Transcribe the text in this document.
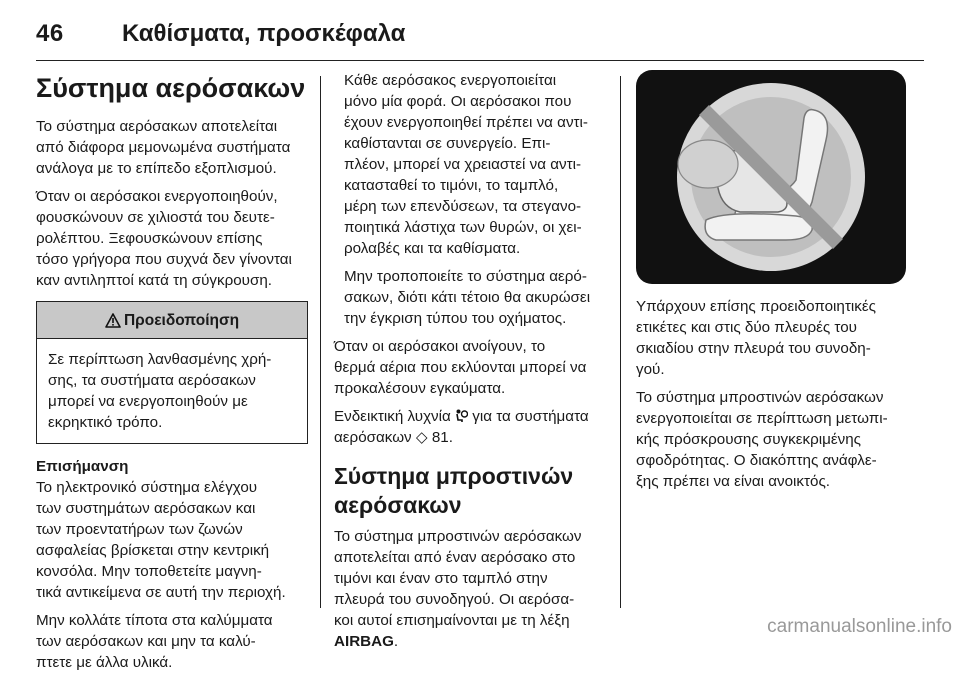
46 Καθίσματα, προσκέφαλα
Σύστημα αερόσακων

Το σύστημα αερόσακων αποτελείται
από διάφορα μεμονωμένα συστήματα
ανάλογα με το επίπεδο εξοπλισμού.

Όταν οι αερόσακοι ενεργοποιηθούν,
φουσκώνουν σε χιλιοστά του δευτε-
ρολέπτου. Ξεφουσκώνουν επίσης
τόσο γρήγορα που συχνά δεν γίνονται
καν αντιληπτοί κατά τη σύγκρουση.

Προειδοποίηση
Σε περίπτωση λανθασμένης χρή-
σης, τα συστήματα αερόσακων
μπορεί να ενεργοποιηθούν με
εκρηκτικό τρόπο.

Επισήμανση
Το ηλεκτρονικό σύστημα ελέγχου
των συστημάτων αερόσακων και
των προεντατήρων των ζωνών
ασφαλείας βρίσκεται στην κεντρική
κονσόλα. Μην τοποθετείτε μαγνη-
τικά αντικείμενα σε αυτή την περιοχή.

Μην κολλάτε τίποτα στα καλύμματα
των αερόσακων και μην τα καλύ-
πτετε με άλλα υλικά.

Κάθε αερόσακος ενεργοποιείται
μόνο μία φορά. Οι αερόσακοι που
έχουν ενεργοποιηθεί πρέπει να αντι-
καθίστανται σε συνεργείο. Επι-
πλέον, μπορεί να χρειαστεί να αντι-
κατασταθεί το τιμόνι, το ταμπλό,
μέρη των επενδύσεων, τα στεγανο-
ποιητικά λάστιχα των θυρών, οι χει-
ρολαβές και τα καθίσματα.

Μην τροποποιείτε το σύστημα αερό-
σακων, διότι κάτι τέτοιο θα ακυρώσει
την έγκριση τύπου του οχήματος.

Όταν οι αερόσακοι ανοίγουν, το
θερμά αέρια που εκλύονται μπορεί να
προκαλέσουν εγκαύματα.

Ενδεικτική λυχνία για τα συστήματα
αερόσακων ◇ 81.

Σύστημα μπροστινών
αερόσακων

Το σύστημα μπροστινών αερόσακων
αποτελείται από έναν αερόσακο στο
τιμόνι και έναν στο ταμπλό στην
πλευρά του συνοδηγού. Οι αερόσα-
κοι αυτοί επισημαίνονται με τη λέξη
AIRBAG.

Υπάρχουν επίσης προειδοποιητικές
ετικέτες και στις δύο πλευρές του
σκιαδίου στην πλευρά του συνοδη-
γού.

Το σύστημα μπροστινών αερόσακων
ενεργοποιείται σε περίπτωση μετωπι-
κής πρόσκρουσης συγκεκριμένης
σφοδρότητας. Ο διακόπτης ανάφλε-
ξης πρέπει να είναι ανοικτός.

carmanualsonline.info
